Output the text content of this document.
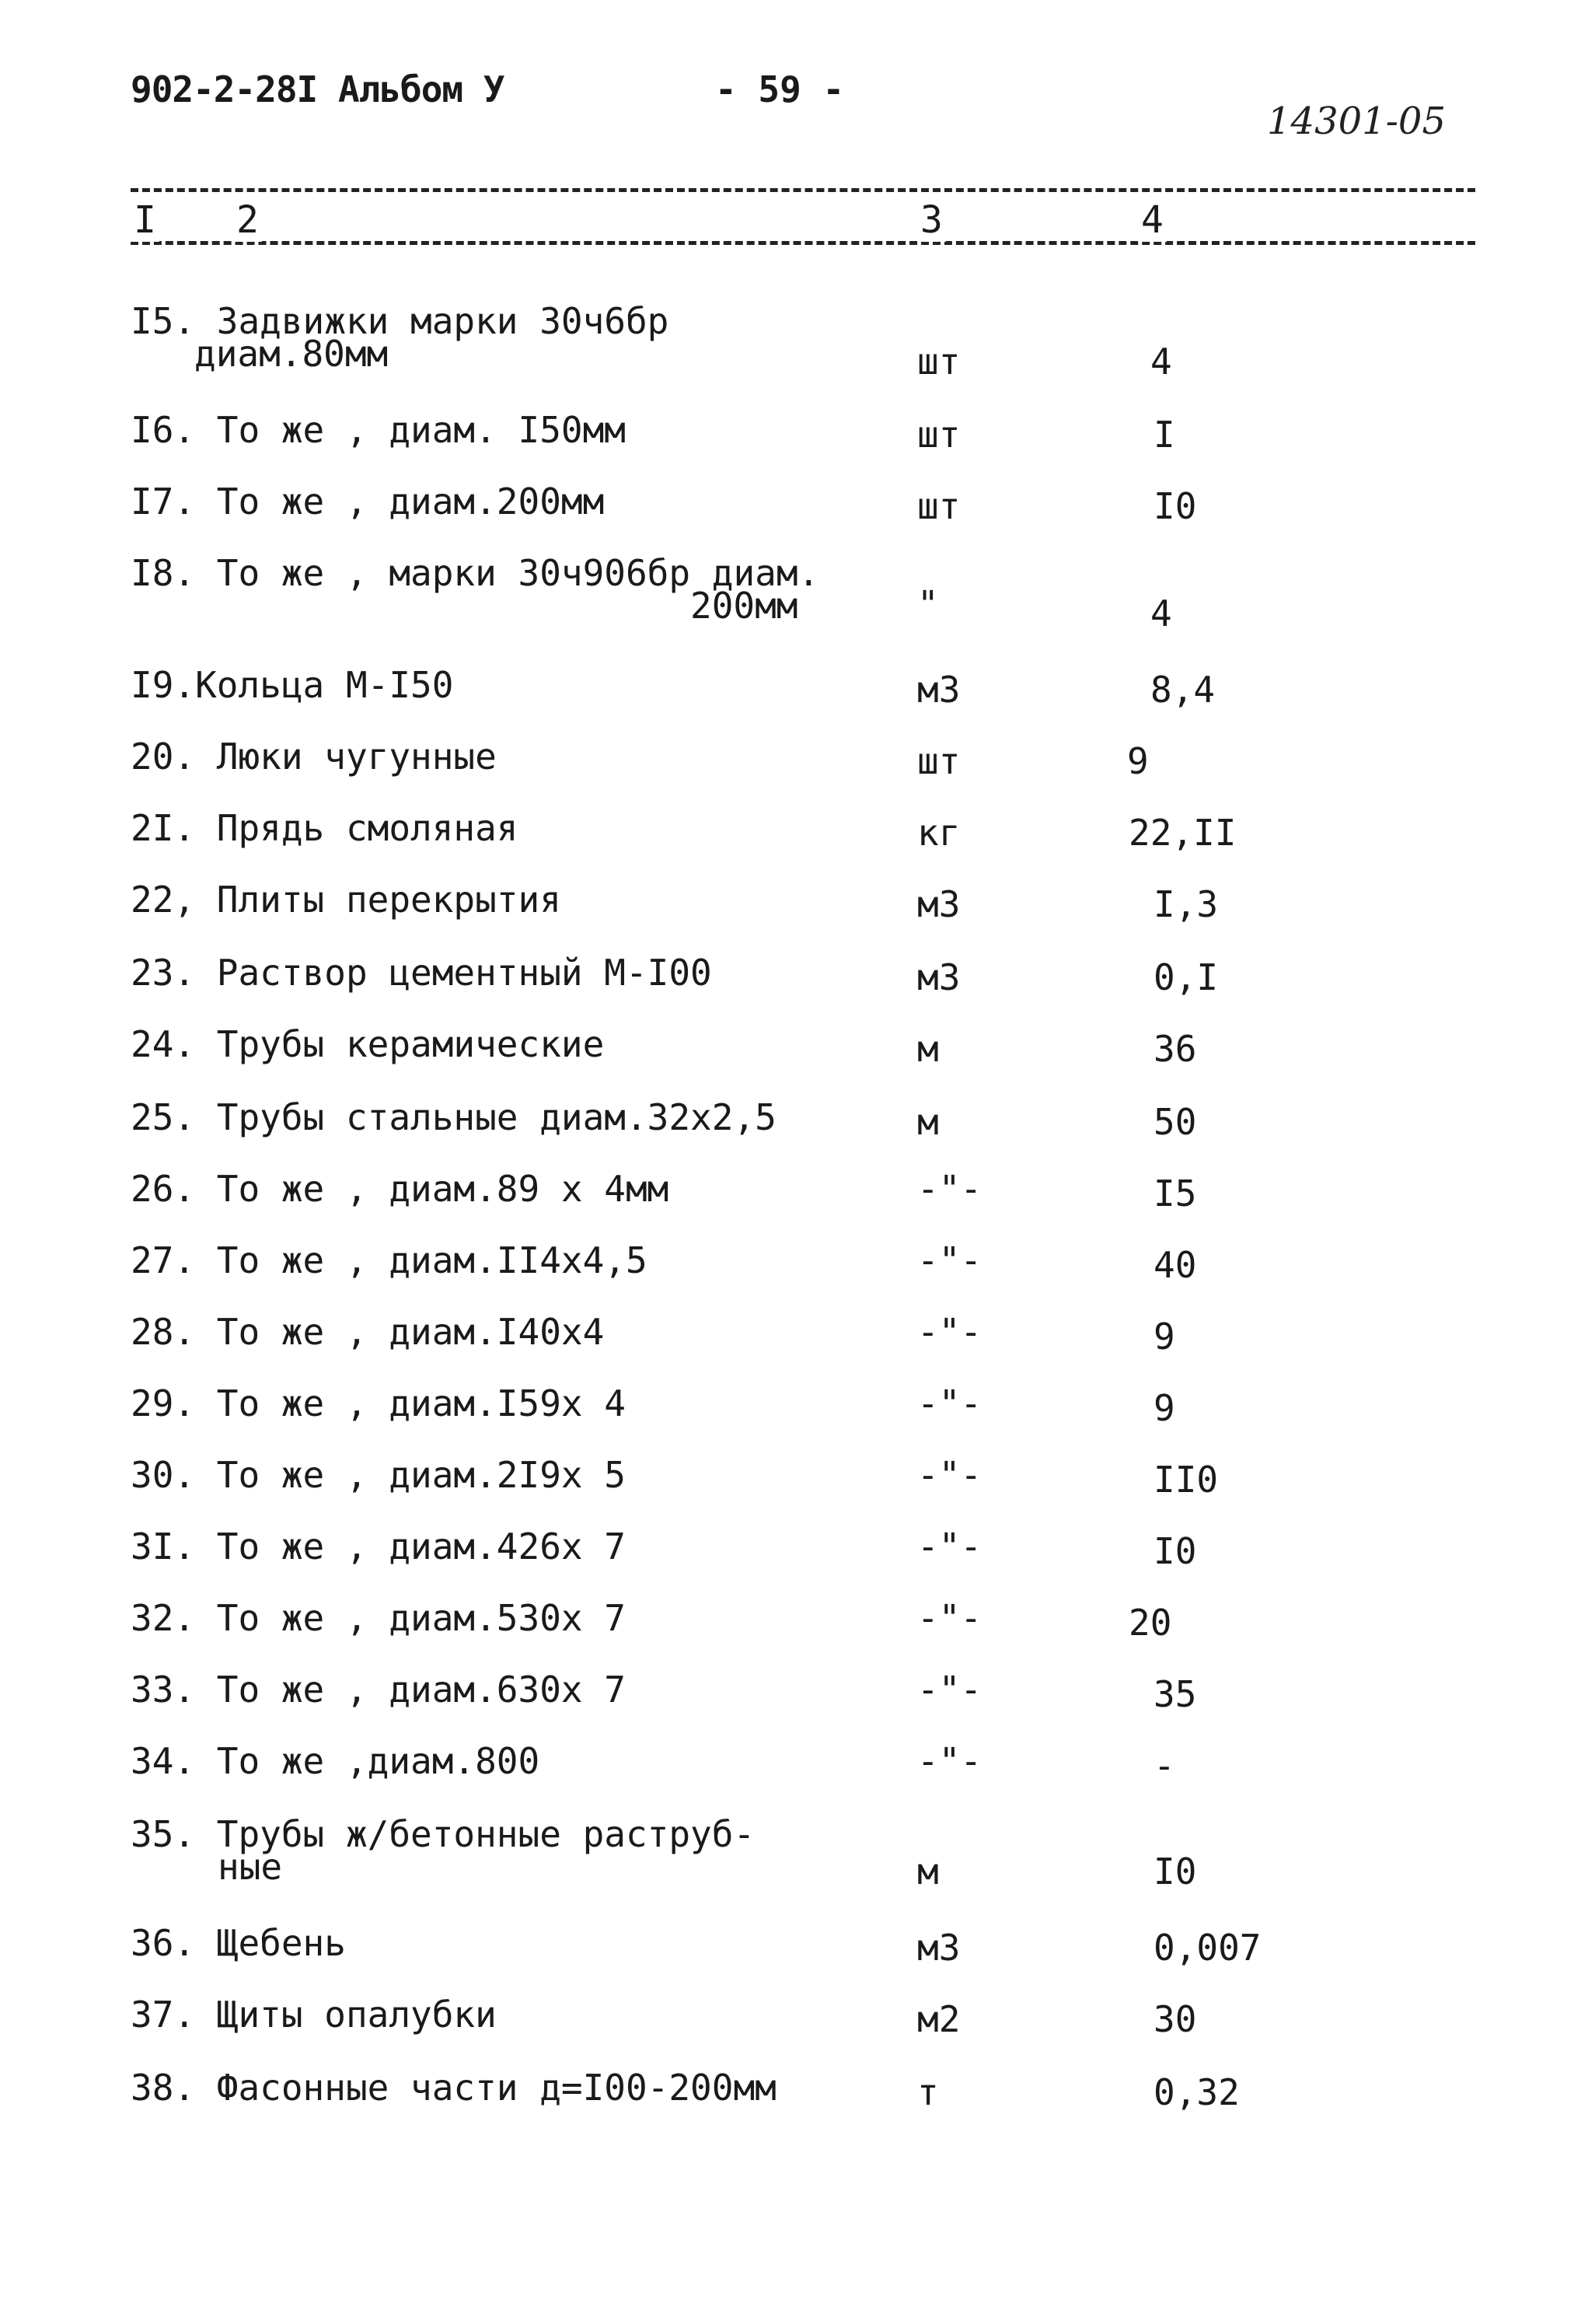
902-2-28I Альбом У	- 59 -
14301-05
I 2	3	4
I5. Задвижки марки 30ч6бр
диам.80мм	шт	4
I6. То же , диам. I50мм	шт	I
I7. То же , диам.200мм	шт	I0
I8. То же , марки 30ч906бр диам.
200мм	"	4
I9.Кольца М-I50	м3	8,4
20. Люки чугунные	шт	9
2I. Прядь смоляная	кг	22,II
22, Плиты перекрытия	м3	I,3
23. Раствор цементный М-I00	м3	0,I
24. Трубы керамические	м	36
25. Трубы стальные диам.32х2,5	м	50
26. То же , диам.89 х 4мм	-"-	I5
27. То же , диам.II4х4,5	-"-	40
28. То же , диам.I40х4	-"-	9
29. То же , диам.I59х 4	-"-	9
30. То же , диам.2I9х 5	-"-	II0
3I. То же , диам.426х 7	-"-	I0
32. То же , диам.530х 7	-"-	20
33. То же , диам.630х 7	-"-	35
34. То же ,диам.800	-"-	-
35. Трубы ж/бетонные раструб-
ные	м	I0
36. Щебень	м3	0,007
37. Щиты опалубки	м2	30
38. Фасонные части д=I00-200мм	т	0,32
